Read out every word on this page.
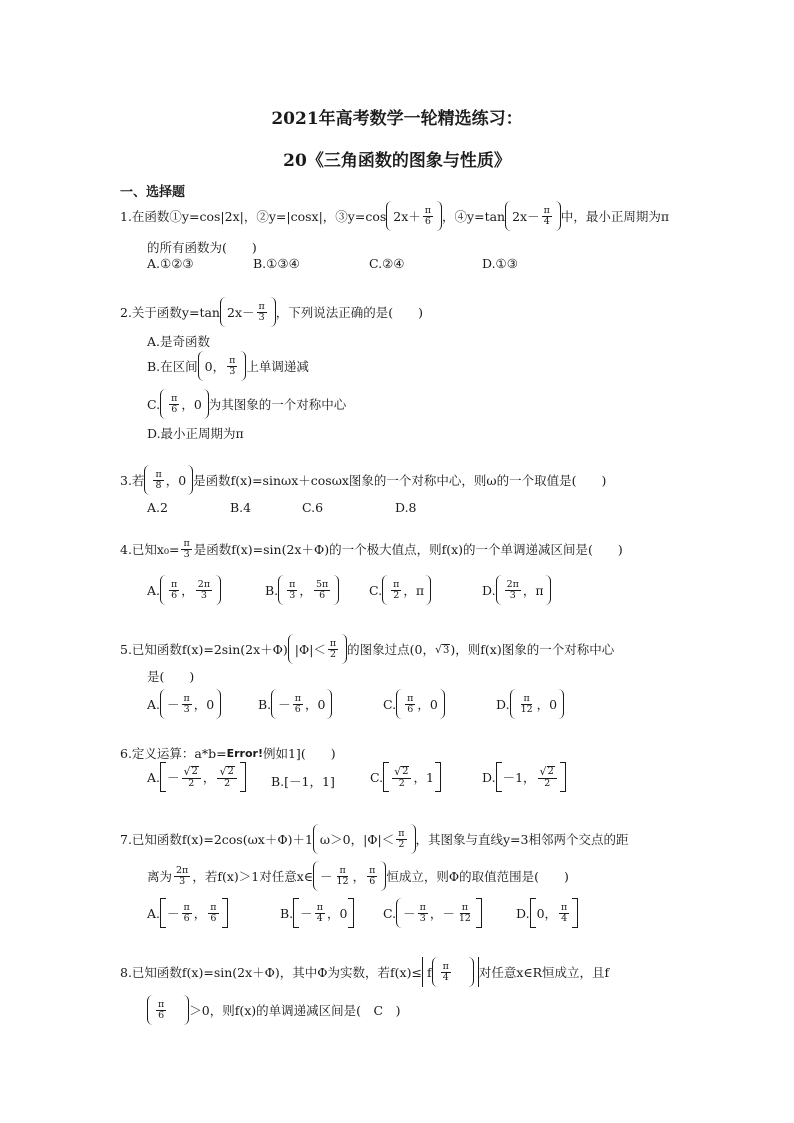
2021年高考数学一轮精选练习：
20《三角函数的图象与性质》
一、选择题
1.在函数①y=cos|2x|，②y=|cosx|，③y=cos $2x+ \frac{\pi}{6}$ ，④y=tan $2x- \frac{\pi}{4}$ 中，最小正周期为π
的所有函数为(　　)
A.①②③	B.①③④	C.②④	D.①③
2.关于函数y=tan $2x- \frac{\pi}{3}$ ，下列说法正确的是(　　)
A.是奇函数
B.在区间 0， $\frac{\pi}{3}$ 上单调递减
C. $\frac{\pi}{6}$ ，0 为其图象的一个对称中心
D.最小正周期为π
3.若 $\frac{\pi}{8}$ ，0 是函数f(x)=sinωx＋cosωx图象的一个对称中心，则ω的一个取值是(　　)
A.2	B.4	C.6	D.8
4.已知$x_0= \frac{\pi}{3}$ 是函数f(x)=sin(2x＋Φ)的一个极大值点，则f(x)的一个单调递减区间是(　　)
A. $\frac{\pi}{6}$ ， $\frac{2\pi}{3}$	B. $\frac{\pi}{3}$ ， $\frac{5\pi}{6}$	C. $\frac{\pi}{2}$ ， π	D. $\frac{2\pi}{3}$ ， π
5.已知函数f(x)=2sin(2x＋Φ) $|\Phi|< \frac{\pi}{2}$ 的图象过点(0， √ 3 )，则f(x)图象的一个对称中心
是(　　)
A. － $\frac{\pi}{3}$ ，0	B. － $\frac{\pi}{6}$ ，0	C. $\frac{\pi}{6}$ ，0	D. $\frac{\pi}{12}$ ，0
6.定义运算：a*b= Error! 例如1](　　)
A. － $\frac{√ 2}{2}$ ， $\frac{√ 2}{2}$	B.[－1，1]	C. $\frac{√ 2}{2}$ ，1	D. －1， $\frac{√ 2}{2}$
7.已知函数f(x)=2cos(ωx＋Φ)＋1 ω＞0，$|\Phi|< \frac{\pi}{2}$ ，其图象与直线y=3相邻两个交点的距
离为 $\frac{2\pi}{3}$ ，若f(x)＞1对任意x∈ － $\frac{\pi}{12}$ ， $\frac{\pi}{6}$ 恒成立，则Φ的取值范围是(　　)
A. － $\frac{\pi}{6}$ ， $\frac{\pi}{6}$	B. － $\frac{\pi}{4}$ ，0	C. － $\frac{\pi}{3}$ ，－ $\frac{\pi}{12}$	D. 0， $\frac{\pi}{4}$
8.已知函数f(x)=sin(2x＋Φ)，其中Φ为实数，若f(x)≤ f $\frac{\pi}{4}$ 对任意x∈R恒成立，且f
$\frac{\pi}{6} >0$，则f(x)的单调递减区间是(　C　)
